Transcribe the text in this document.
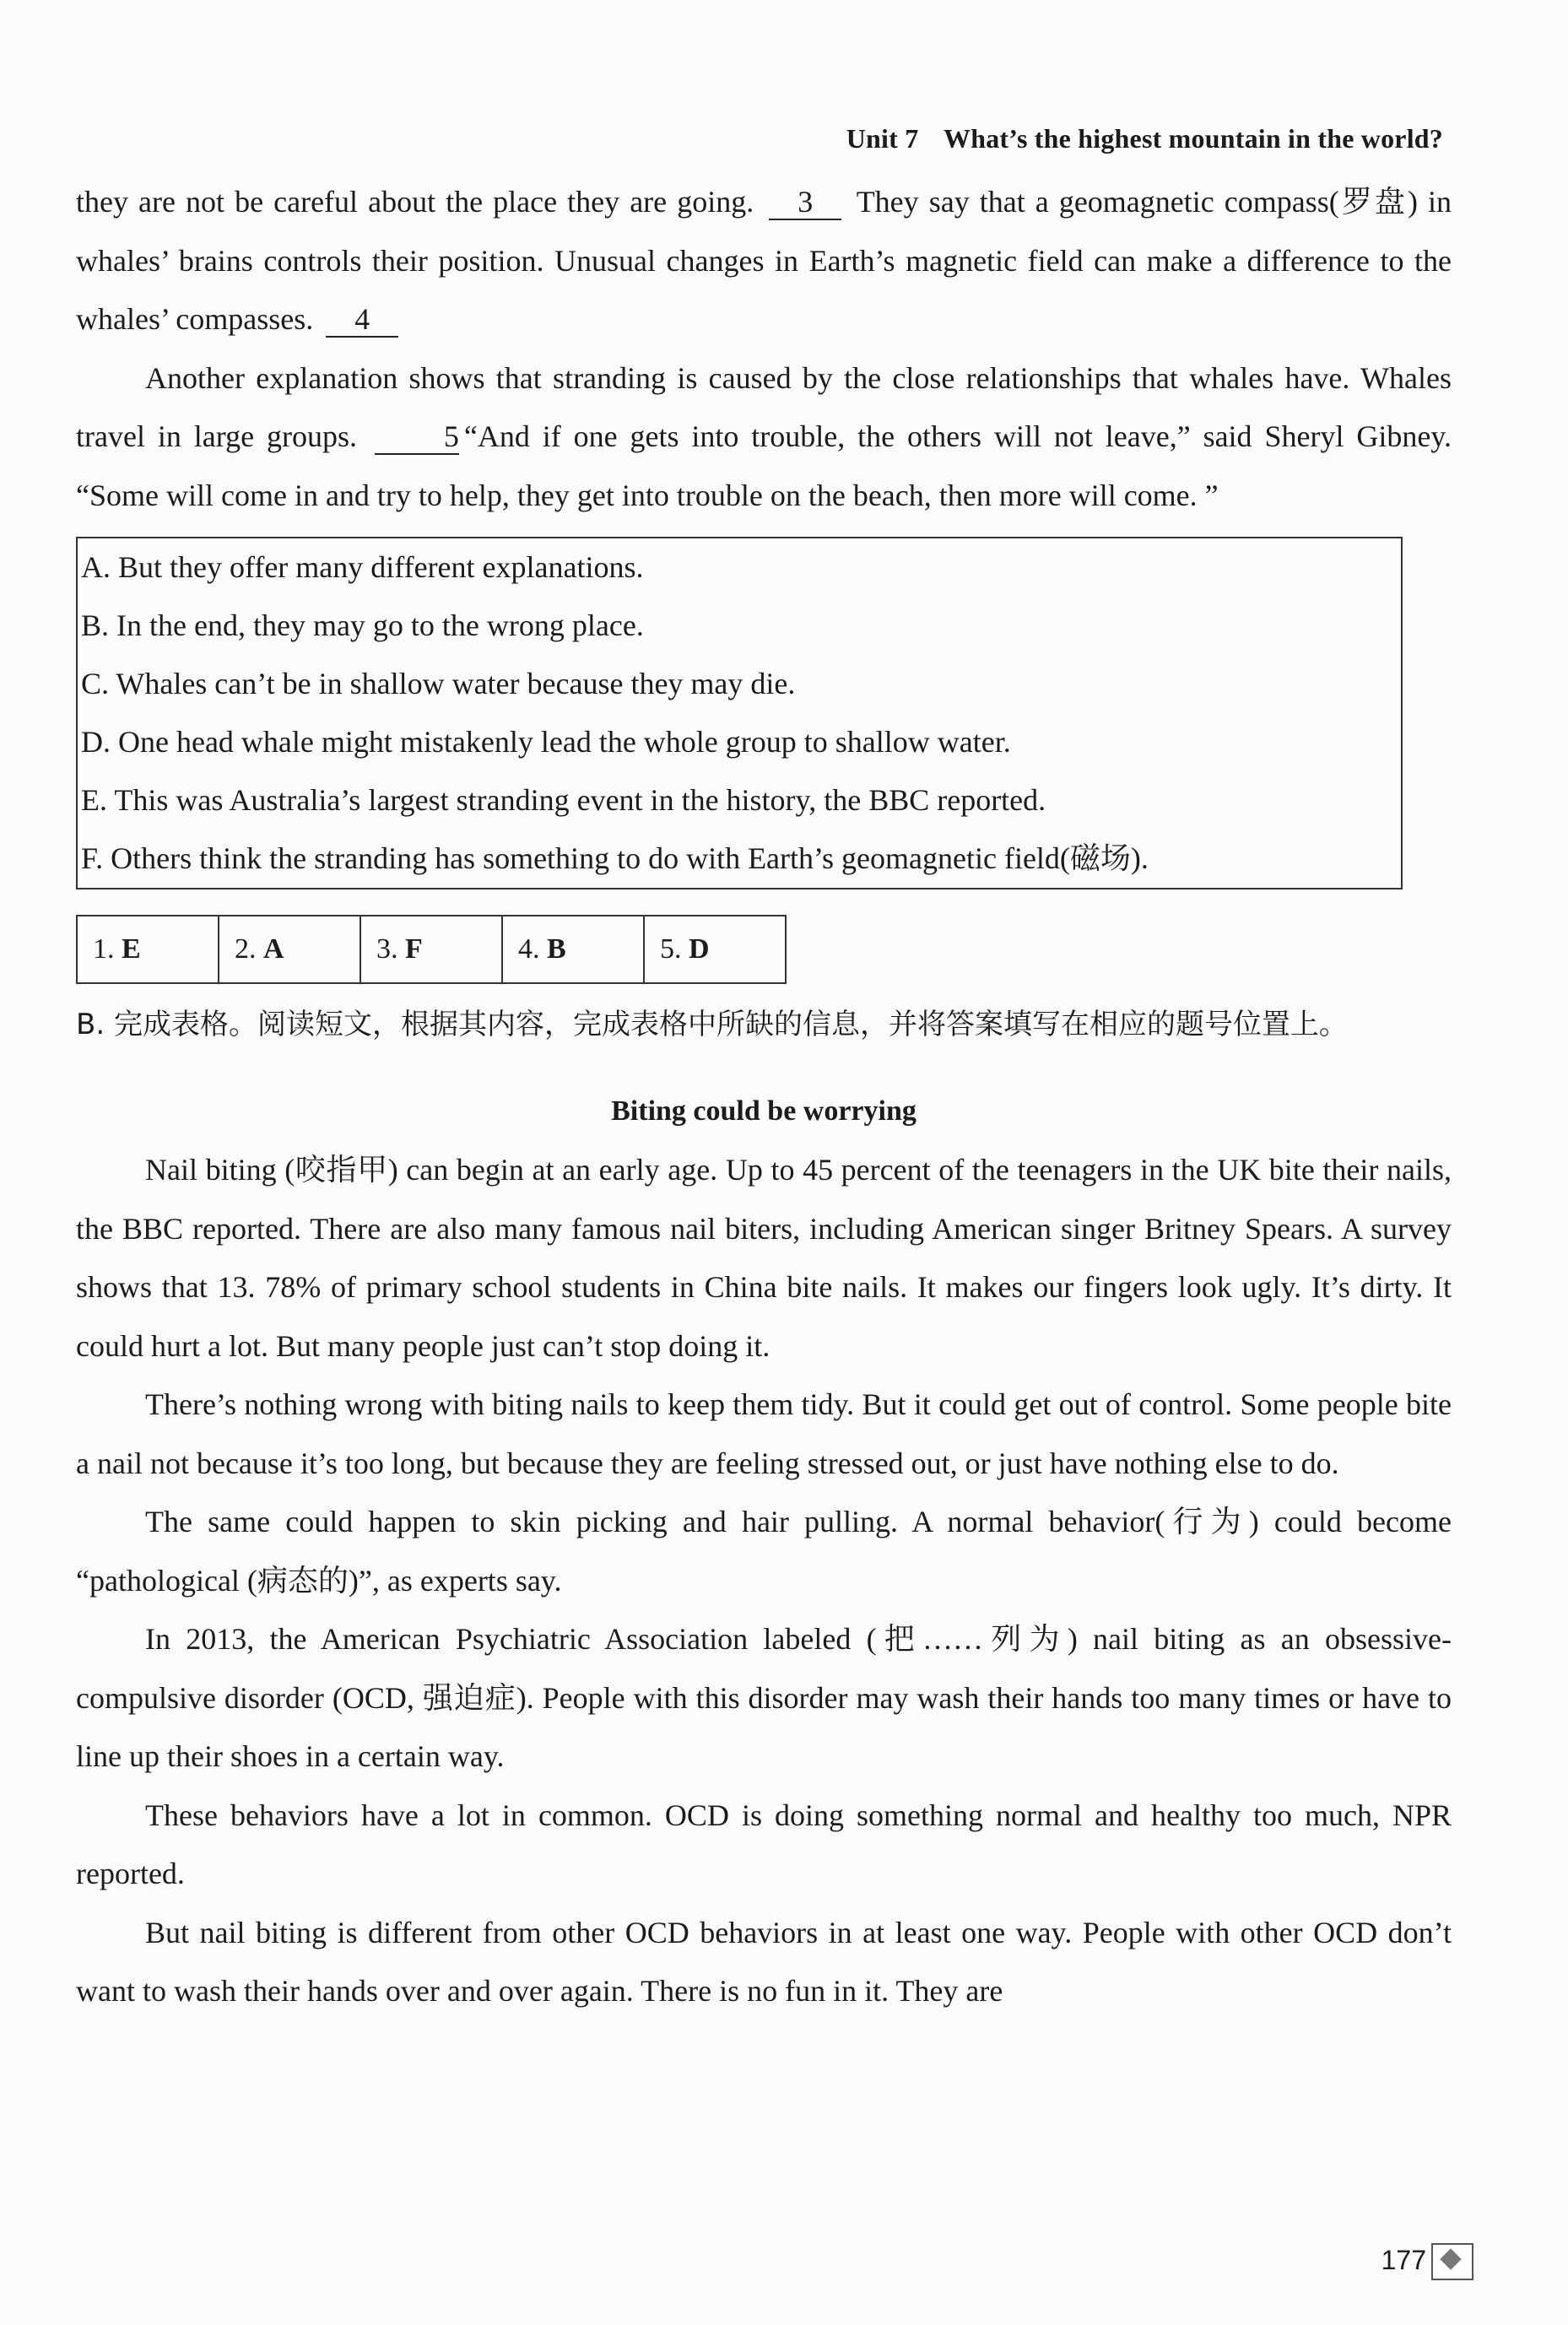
Unit 7 What’s the highest mountain in the world?

they are not be careful about the place they are going. 3 They say that a geomagnetic compass(罗盘) in whales’ brains controls their position. Unusual changes in Earth’s magnetic field can make a difference to the whales’ compasses. 4

Another explanation shows that stranding is caused by the close relationships that whales have. Whales travel in large groups.	5 “And if one gets into trouble, the others will not leave,” said Sheryl Gibney. “Some will come in and try to help, they get into trouble on the beach, then more will come. ”

A. But they offer many different explanations.
B. In the end, they may go to the wrong place.
C. Whales can’t be in shallow water because they may die.
D. One head whale might mistakenly lead the whole group to shallow water.
E. This was Australia’s largest stranding event in the history, the BBC reported.
F. Others think the stranding has something to do with Earth’s geomagnetic field(磁场).
1. E	2. A	3. F	4. B	5. D

B. 完成表格。阅读短文，根据其内容，完成表格中所缺的信息，并将答案填写在相应的题号位置上。

Biting could be worrying

Nail biting (咬指甲) can begin at an early age. Up to 45 percent of the teenagers in the UK bite their nails, the BBC reported. There are also many famous nail biters, including American singer Britney Spears. A survey shows that 13. 78% of primary school students in China bite nails. It makes our fingers look ugly. It’s dirty. It could hurt a lot. But many people just can’t stop doing it.

There’s nothing wrong with biting nails to keep them tidy. But it could get out of control. Some people bite a nail not because it’s too long, but because they are feeling stressed out, or just have nothing else to do.

The same could happen to skin picking and hair pulling. A normal behavior(行为) could become “pathological (病态的)”, as experts say.

In 2013, the American Psychiatric Association labeled (把……列为) nail biting as an obsessive-compulsive disorder (OCD, 强迫症). People with this disorder may wash their hands too many times or have to line up their shoes in a certain way.

These behaviors have a lot in common. OCD is doing something normal and healthy too much, NPR reported.

But nail biting is different from other OCD behaviors in at least one way. People with other OCD don’t want to wash their hands over and over again. There is no fun in it. They are

177
